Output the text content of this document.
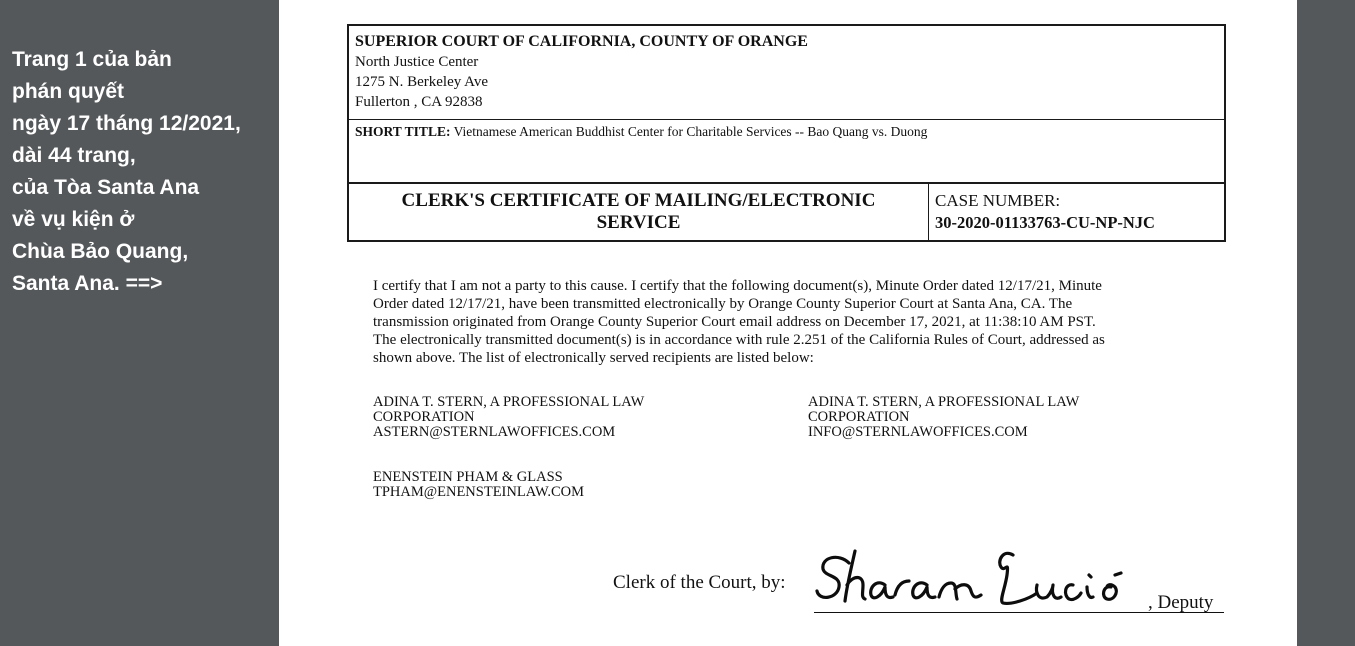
Trang 1 của bản
phán quyết
ngày 17 tháng 12/2021,
dài 44 trang,
của Tòa Santa Ana
về vụ kiện ở
Chùa Bảo Quang,
Santa Ana. ==>
SUPERIOR COURT OF CALIFORNIA, COUNTY OF ORANGE
North Justice Center
1275 N. Berkeley Ave
Fullerton , CA 92838
SHORT TITLE: Vietnamese American Buddhist Center for Charitable Services -- Bao Quang vs. Duong
CLERK'S CERTIFICATE OF MAILING/ELECTRONIC
SERVICE
CASE NUMBER:
30-2020-01133763-CU-NP-NJC
I certify that I am not a party to this cause. I certify that the following document(s), Minute Order dated 12/17/21, Minute
Order dated 12/17/21, have been transmitted electronically by Orange County Superior Court at Santa Ana, CA. The
transmission originated from Orange County Superior Court email address on December 17, 2021, at 11:38:10 AM PST.
The electronically transmitted document(s) is in accordance with rule 2.251 of the California Rules of Court, addressed as
shown above. The list of electronically served recipients are listed below:
ADINA T. STERN, A PROFESSIONAL LAW
CORPORATION
ASTERN@STERNLAWOFFICES.COM
ADINA T. STERN, A PROFESSIONAL LAW
CORPORATION
INFO@STERNLAWOFFICES.COM
ENENSTEIN PHAM & GLASS
TPHAM@ENENSTEINLAW.COM
Clerk of the Court, by:
, Deputy
